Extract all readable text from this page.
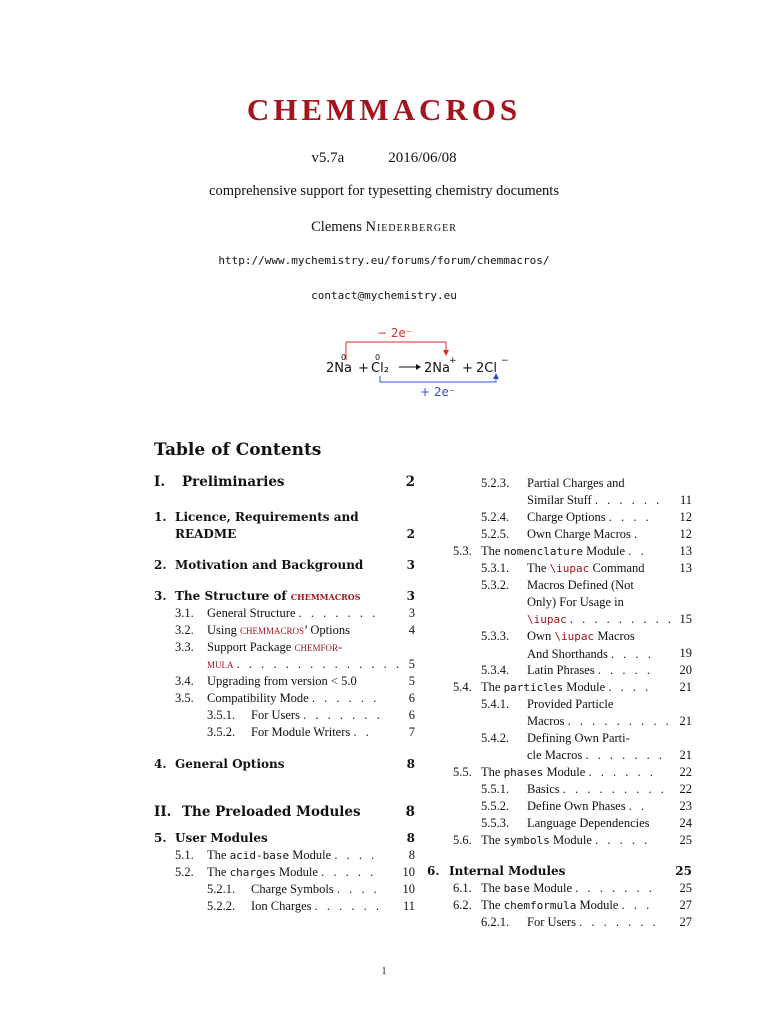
CHEMMACROS
v5.7a	2016/06/08
comprehensive support for typesetting chemistry documents
Clemens Niederberger
http://www.mychemistry.eu/forums/forum/chemmacros/
contact@mychemistry.eu
− 2e⁻
0	0
2Na + Cl₂	2Na + + 2Cl −
+ 2e⁻
Table of Contents
I.	Preliminaries	2
1. Licence, Requirements and
README	2
2. Motivation and Background	3
3. The Structure of chemmacros	3
3.1.	General Structure . . . . . . .	3
3.2.	Using chemmacros’ Options	4
3.3.	Support Package chemfor-
mula . . . . . . . . . . . . . . 5
3.4.	Upgrading from version < 5.0	5
3.5.	Compatibility Mode . . . . . .	6
3.5.1.	For Users . . . . . . .	6
3.5.2.	For Module Writers . .	7
4. General Options	8
II. The Preloaded Modules	8
5. User Modules	8
5.1.	The acid-base Module . . . .	8
5.2.	The charges Module . . . . .	10
5.2.1.	Charge Symbols . . . .	10
5.2.2.	Ion Charges . . . . . .	11
5.2.3.	Partial Charges and
Similar Stuff . . . . . .	11
5.2.4.	Charge Options . . . .	12
5.2.5.	Own Charge Macros .	12
5.3. The nomenclature Module . .	13
5.3.1.	The \iupac Command	13
5.3.2.	Macros Defined (Not
Only) For Usage in
\iupac . . . . . . . . . 15
5.3.3.	Own \iupac Macros
And Shorthands . . . .	19
5.3.4.	Latin Phrases . . . . .	20
5.4. The particles Module . . . .	21
5.4.1.	Provided Particle
Macros . . . . . . . . . 21
5.4.2.	Defining Own Parti-
cle Macros . . . . . . .	21
5.5. The phases Module . . . . . .	22
5.5.1.	Basics . . . . . . . . .	22
5.5.2.	Define Own Phases . .	23
5.5.3.	Language Dependencies	24
5.6. The symbols Module . . . . .	25
6. Internal Modules	25
6.1. The base Module . . . . . . .	25
6.2. The chemformula Module . . .	27
6.2.1.	For Users . . . . . . .	27
1
